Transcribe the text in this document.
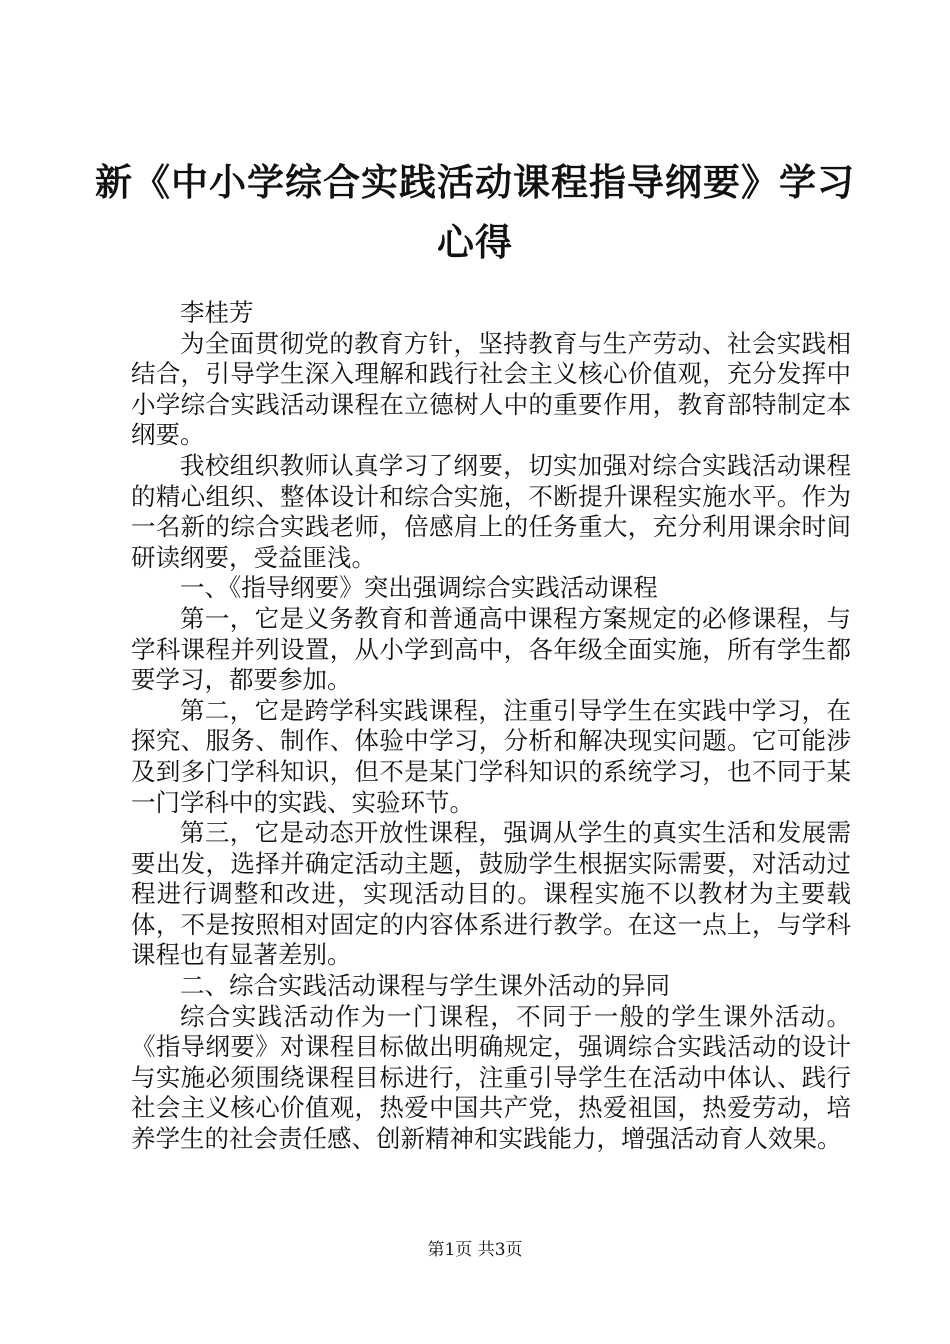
新《中小学综合实践活动课程指导纲要》学习
心得

李桂芳

为全面贯彻党的教育方针，坚持教育与生产劳动、社会实践相结合，引导学生深入理解和践行社会主义核心价值观，充分发挥中小学综合实践活动课程在立德树人中的重要作用，教育部特制定本纲要。

我校组织教师认真学习了纲要，切实加强对综合实践活动课程的精心组织、整体设计和综合实施，不断提升课程实施水平。作为一名新的综合实践老师，倍感肩上的任务重大，充分利用课余时间研读纲要，受益匪浅。

一、《指导纲要》突出强调综合实践活动课程

第一，它是义务教育和普通高中课程方案规定的必修课程，与学科课程并列设置，从小学到高中，各年级全面实施，所有学生都要学习，都要参加。

第二，它是跨学科实践课程，注重引导学生在实践中学习，在探究、服务、制作、体验中学习，分析和解决现实问题。它可能涉及到多门学科知识，但不是某门学科知识的系统学习，也不同于某一门学科中的实践、实验环节。

第三，它是动态开放性课程，强调从学生的真实生活和发展需要出发，选择并确定活动主题，鼓励学生根据实际需要，对活动过程进行调整和改进，实现活动目的。课程实施不以教材为主要载体，不是按照相对固定的内容体系进行教学。在这一点上，与学科课程也有显著差别。

二、综合实践活动课程与学生课外活动的异同

综合实践活动作为一门课程，不同于一般的学生课外活动。《指导纲要》对课程目标做出明确规定，强调综合实践活动的设计与实施必须围绕课程目标进行，注重引导学生在活动中体认、践行社会主义核心价值观，热爱中国共产党，热爱祖国，热爱劳动，培养学生的社会责任感、创新精神和实践能力，增强活动育人效果。

第1页 共3页
